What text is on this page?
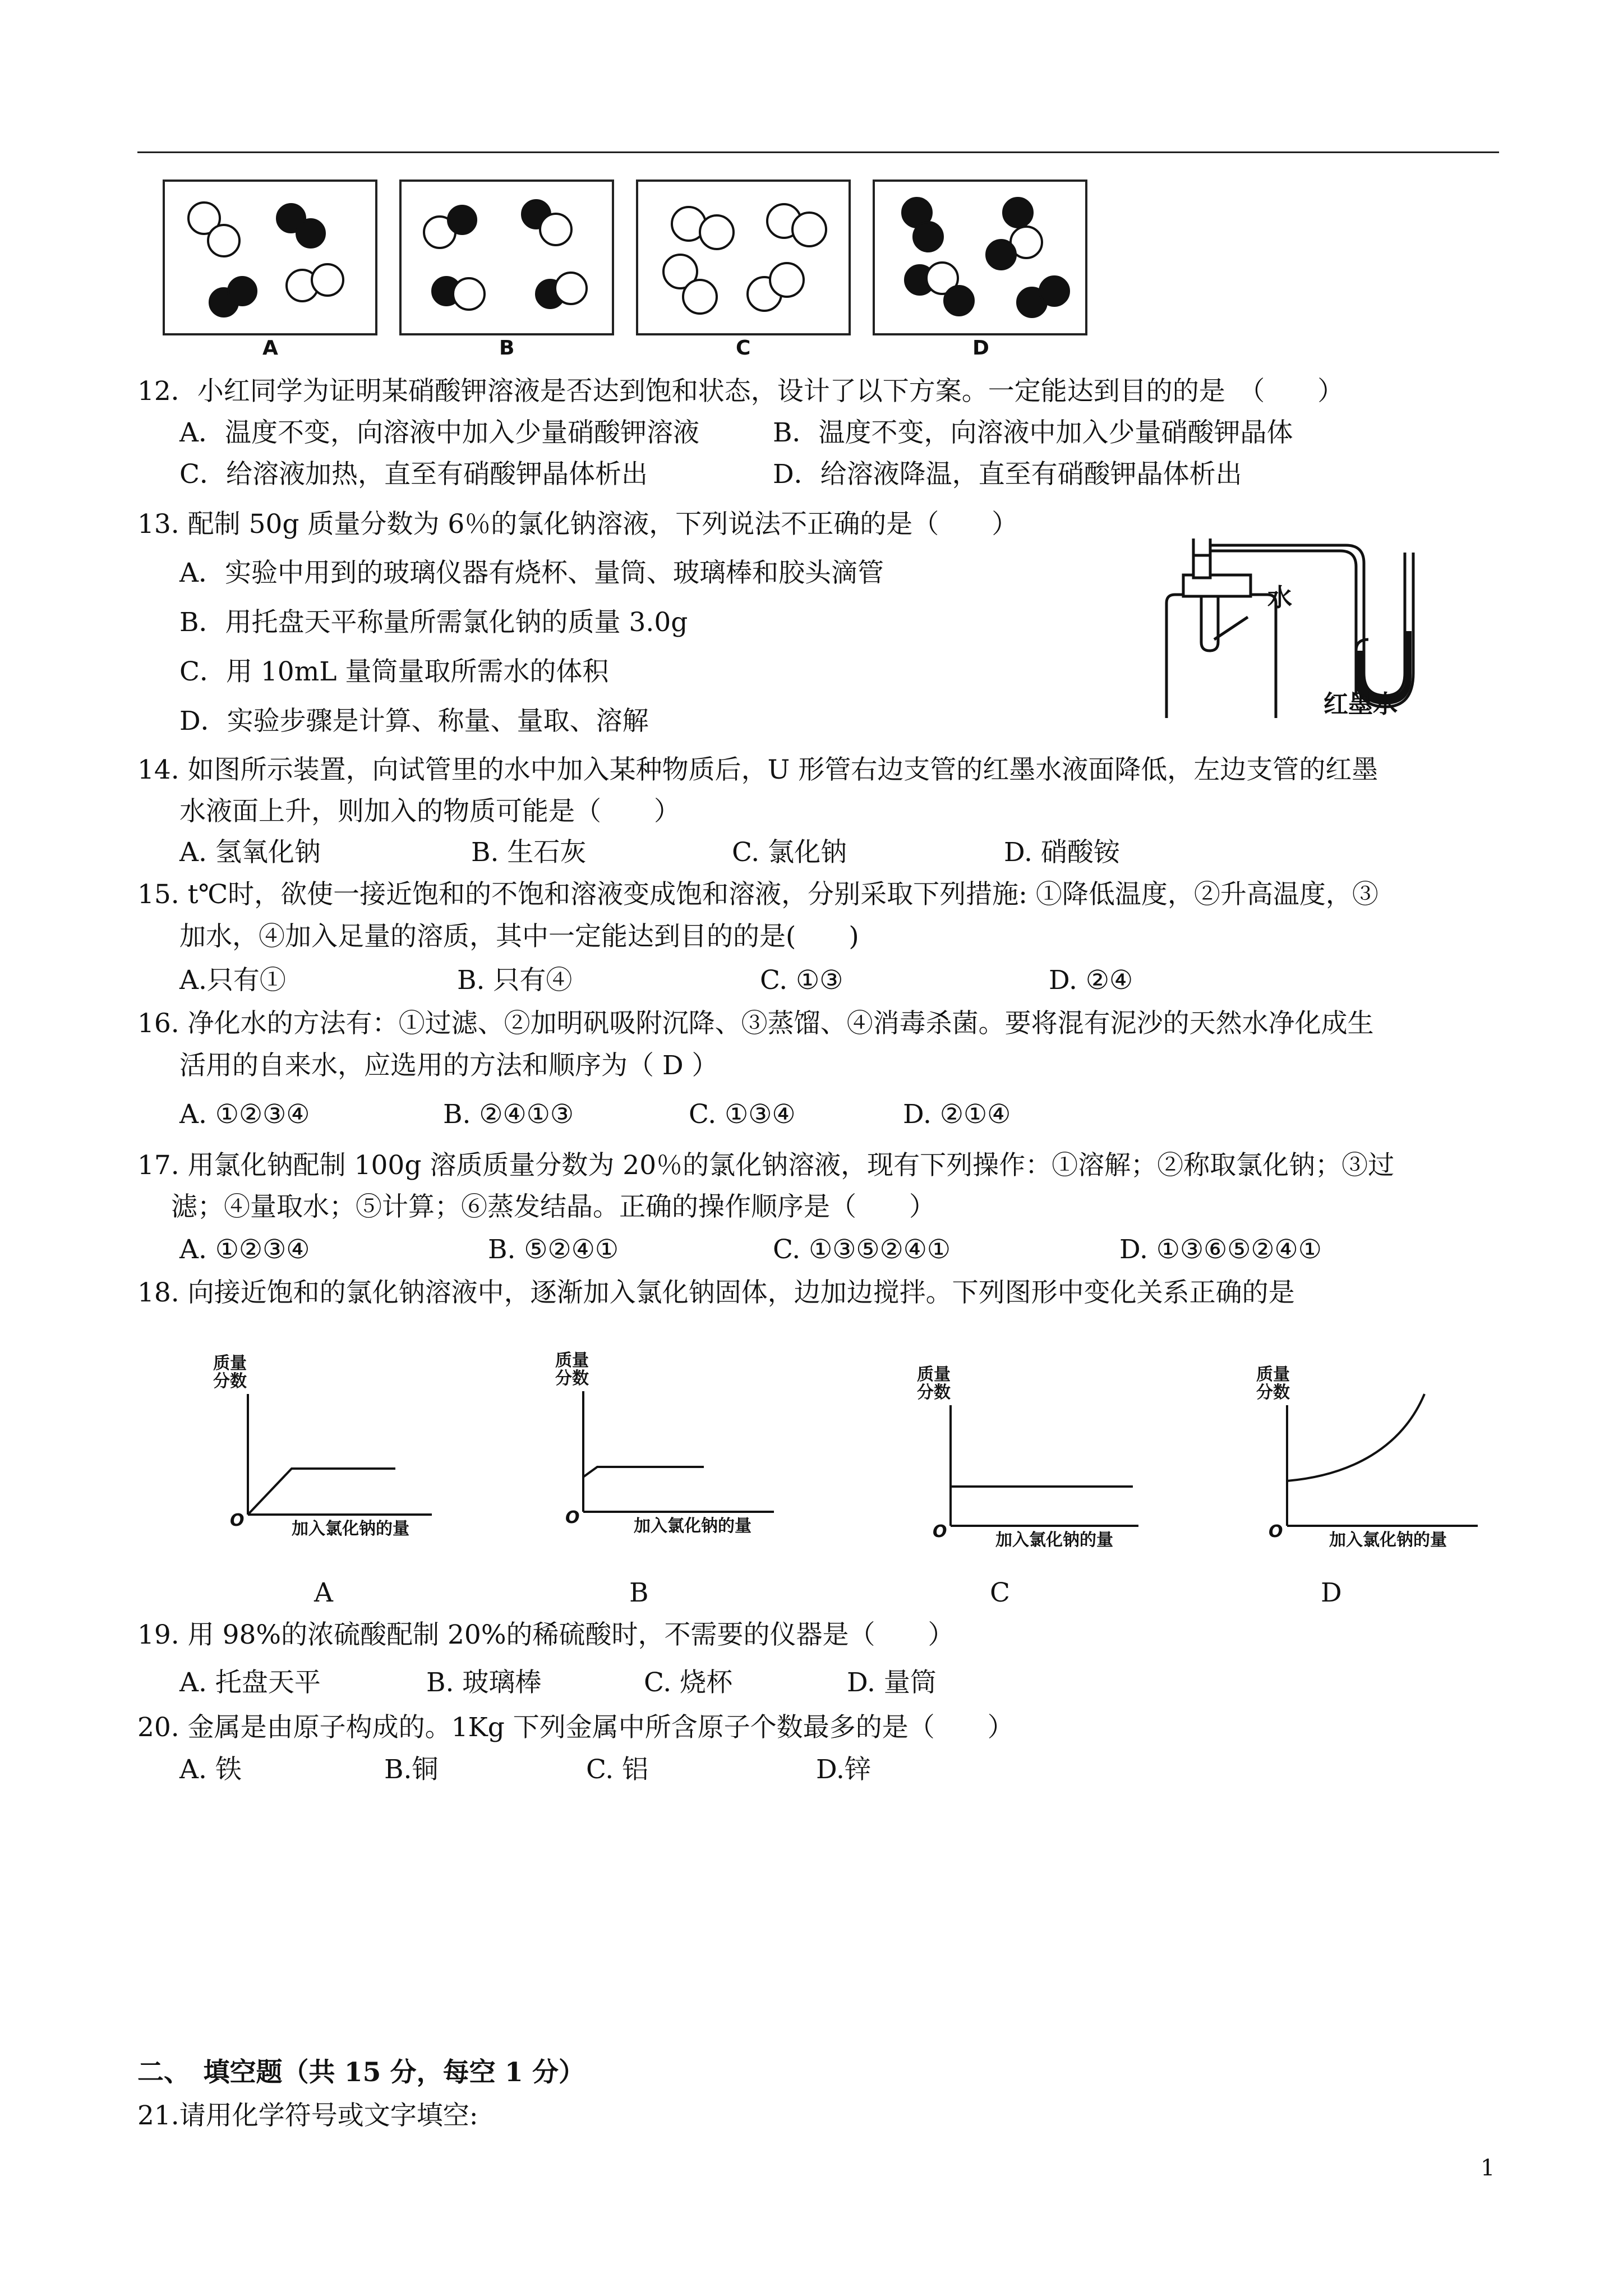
A	B	C	D
12．小红同学为证明某硝酸钾溶液是否达到饱和状态，设计了以下方案。一定能达到目的的是　（　　）
A．温度不变，向溶液中加入少量硝酸钾溶液	B．温度不变，向溶液中加入少量硝酸钾晶体
C．给溶液加热，直至有硝酸钾晶体析出	D．给溶液降温，直至有硝酸钾晶体析出
13. 配制 50g 质量分数为 6％的氯化钠溶液，下列说法不正确的是（　　）
A．实验中用到的玻璃仪器有烧杯、量筒、玻璃棒和胶头滴管
B．用托盘天平称量所需氯化钠的质量 3.0g
C．用 10mL 量筒量取所需水的体积
D．实验步骤是计算、称量、量取、溶解
水
红墨水
14. 如图所示装置，向试管里的水中加入某种物质后，U 形管右边支管的红墨水液面降低，左边支管的红墨
水液面上升，则加入的物质可能是（　　）
A. 氢氧化钠	B. 生石灰	C. 氯化钠	D. 硝酸铵
15. t℃时，欲使一接近饱和的不饱和溶液变成饱和溶液，分别采取下列措施: ①降低温度，②升高温度，③
加水，④加入足量的溶质，其中一定能达到目的的是(　　)
A.只有①	B. 只有④	C. ①③	D. ②④
16. 净化水的方法有：①过滤、②加明矾吸附沉降、③蒸馏、④消毒杀菌。要将混有泥沙的天然水净化成生
活用的自来水，应选用的方法和顺序为（ D ）
A. ①②③④	B. ②④①③	C. ①③④	D. ②①④
17. 用氯化钠配制 100g 溶质质量分数为 20％的氯化钠溶液，现有下列操作：①溶解；②称取氯化钠；③过
滤；④量取水；⑤计算；⑥蒸发结晶。正确的操作顺序是（　　）
A. ①②③④	B. ⑤②④①	C. ①③⑤②④①	D. ①③⑥⑤②④①
18. 向接近饱和的氯化钠溶液中，逐渐加入氯化钠固体，边加边搅拌。下列图形中变化关系正确的是
质量
分数
O	加入氯化钠的量
A
质量
分数
O	加入氯化钠的量
B
质量
分数
O	加入氯化钠的量
C
质量
分数
O	加入氯化钠的量
D
19. 用 98%的浓硫酸配制 20%的稀硫酸时，不需要的仪器是（　　）
A. 托盘天平	B. 玻璃棒	C. 烧杯	D. 量筒
20. 金属是由原子构成的。1Kg 下列金属中所含原子个数最多的是（　　）
A. 铁	B.铜	C. 铝	D.锌
二、　填空题（共 15 分，每空 1 分）
21.请用化学符号或文字填空:
1
